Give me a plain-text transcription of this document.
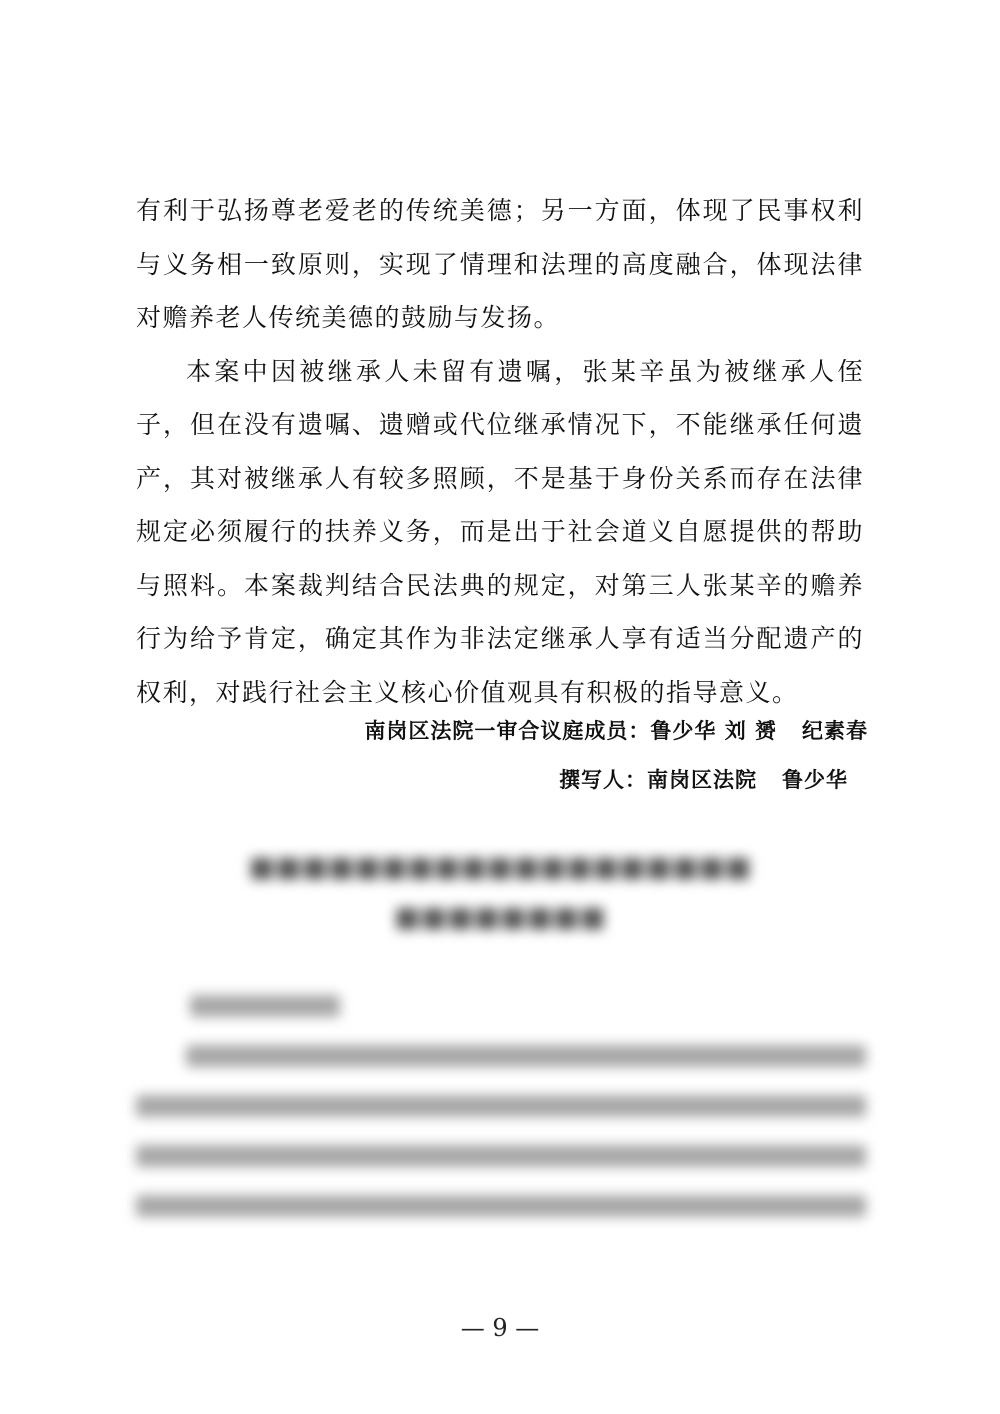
有利于弘扬尊老爱老的传统美德；另一方面，体现了民事权利与义务相一致原则，实现了情理和法理的高度融合，体现法律对赡养老人传统美德的鼓励与发扬。

本案中因被继承人未留有遗嘱，张某辛虽为被继承人侄子，但在没有遗嘱、遗赠或代位继承情况下，不能继承任何遗产，其对被继承人有较多照顾，不是基于身份关系而存在法律规定必须履行的扶养义务，而是出于社会道义自愿提供的帮助与照料。本案裁判结合民法典的规定，对第三人张某辛的赡养行为给予肯定，确定其作为非法定继承人享有适当分配遗产的权利，对践行社会主义核心价值观具有积极的指导意义。

南岗区法院一审合议庭成员：鲁少华 刘 赟   纪素春
撰写人：南岗区法院   鲁少华
■■■■■■■■■■■■■■■■■■■
■■■■■■■■
— 9 —
